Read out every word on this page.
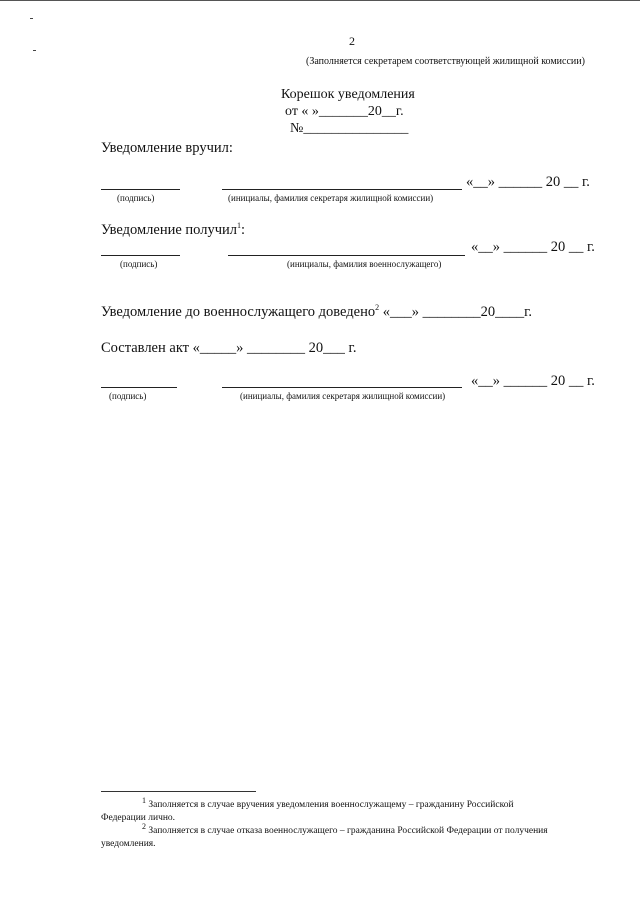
2
(Заполняется секретарем соответствующей жилищной комиссии)
Корешок уведомления
от « »_______20__г.
№_______________
Уведомление вручил:
«__» ______ 20 __ г.
(подпись)	(инициалы, фамилия секретаря жилищной комиссии)
Уведомление получил$^1$:
«__» ______ 20 __ г.
(подпись)	(инициалы, фамилия военнослужащего)
Уведомление до военнослужащего доведено$^2$ «___» ________20____г.
Составлен акт «_____» ________ 20___ г.
«__» ______ 20 __ г.
(подпись)	(инициалы, фамилия секретаря жилищной комиссии)
$^1$ Заполняется в случае вручения уведомления военнослужащему – гражданину Российской
Федерации лично.
$^2$ Заполняется в случае отказа военнослужащего – гражданина Российской Федерации от получения
уведомления.
